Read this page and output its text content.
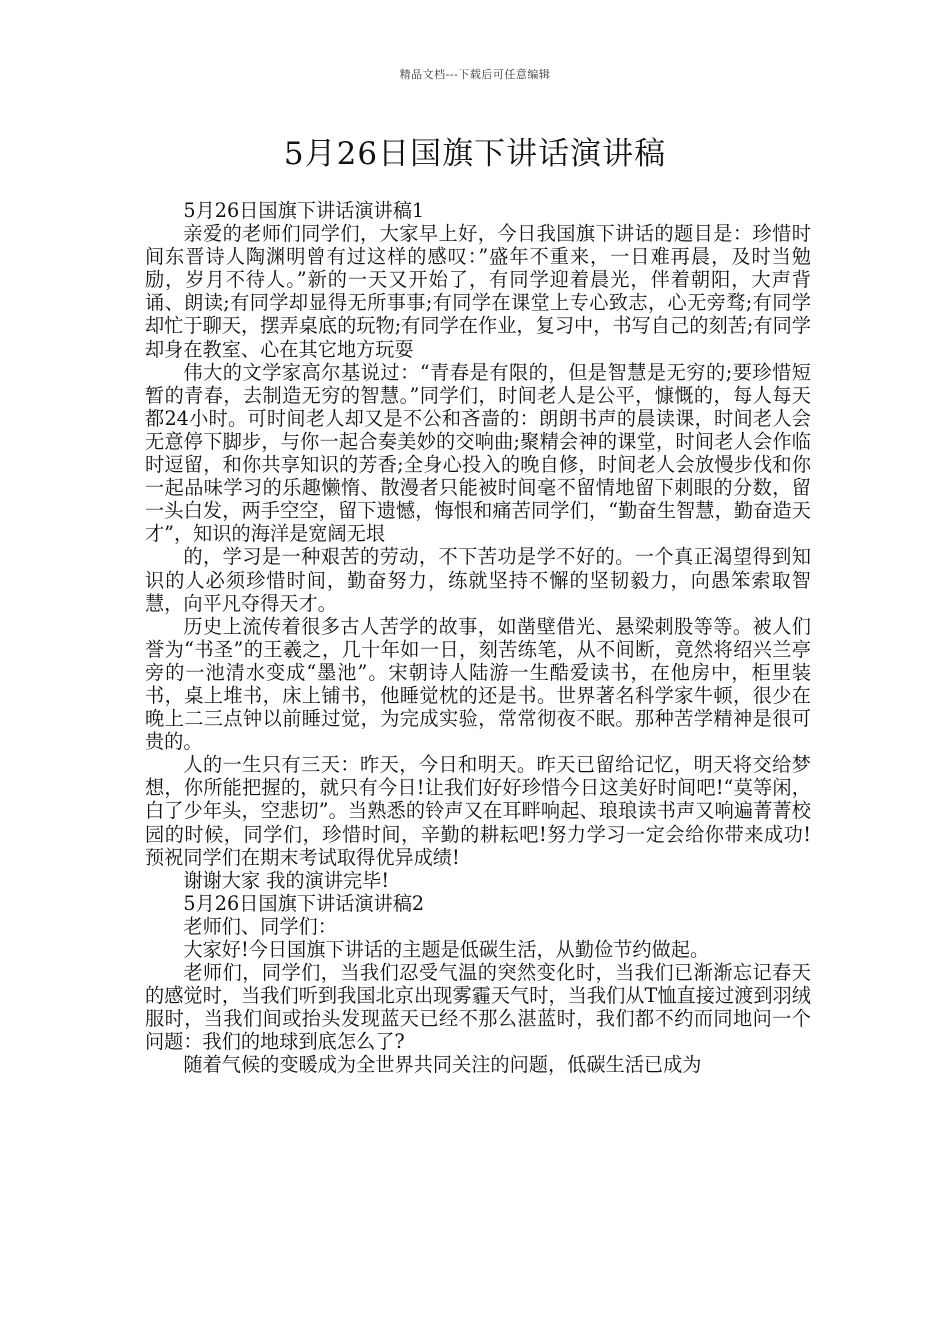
精品文档---下载后可任意编辑
5月26日国旗下讲话演讲稿

5月26日国旗下讲话演讲稿1

亲爱的老师们同学们，大家早上好，今日我国旗下讲话的题目是：珍惜时间东晋诗人陶渊明曾有过这样的感叹：”盛年不重来，一日难再晨，及时当勉励，岁月不待人。”新的一天又开始了，有同学迎着晨光，伴着朝阳，大声背诵、朗读;有同学却显得无所事事;有同学在课堂上专心致志，心无旁骛;有同学却忙于聊天，摆弄桌底的玩物;有同学在作业，复习中，书写自己的刻苦;有同学却身在教室、心在其它地方玩耍

伟大的文学家高尔基说过：“青春是有限的，但是智慧是无穷的;要珍惜短暂的青春，去制造无穷的智慧。”同学们，时间老人是公平，慷慨的，每人每天都24小时。可时间老人却又是不公和吝啬的：朗朗书声的晨读课，时间老人会无意停下脚步，与你一起合奏美妙的交响曲;聚精会神的课堂，时间老人会作临时逗留，和你共享知识的芳香;全身心投入的晚自修，时间老人会放慢步伐和你一起品味学习的乐趣懒惰、散漫者只能被时间毫不留情地留下刺眼的分数，留一头白发，两手空空，留下遗憾，悔恨和痛苦同学们，“勤奋生智慧，勤奋造天才”，知识的海洋是宽阔无垠

的，学习是一种艰苦的劳动，不下苦功是学不好的。一个真正渴望得到知识的人必须珍惜时间，勤奋努力，练就坚持不懈的坚韧毅力，向愚笨索取智慧，向平凡夺得天才。

历史上流传着很多古人苦学的故事，如凿壁借光、悬梁刺股等等。被人们誉为“书圣”的王羲之，几十年如一日，刻苦练笔，从不间断，竟然将绍兴兰亭旁的一池清水变成“墨池”。宋朝诗人陆游一生酷爱读书，在他房中，柜里装书，桌上堆书，床上铺书，他睡觉枕的还是书。世界著名科学家牛顿，很少在晚上二三点钟以前睡过觉，为完成实验，常常彻夜不眠。那种苦学精神是很可贵的。

人的一生只有三天：昨天，今日和明天。昨天已留给记忆，明天将交给梦想，你所能把握的，就只有今日!让我们好好珍惜今日这美好时间吧!“莫等闲，白了少年头，空悲切”。当熟悉的铃声又在耳畔响起、琅琅读书声又响遍菁菁校园的时候，同学们，珍惜时间，辛勤的耕耘吧!努力学习一定会给你带来成功!预祝同学们在期末考试取得优异成绩!

谢谢大家 我的演讲完毕!

5月26日国旗下讲话演讲稿2

老师们、同学们：

大家好!今日国旗下讲话的主题是低碳生活，从勤俭节约做起。

老师们，同学们，当我们忍受气温的突然变化时，当我们已渐渐忘记春天的感觉时，当我们听到我国北京出现雾霾天气时，当我们从T恤直接过渡到羽绒服时，当我们间或抬头发现蓝天已经不那么湛蓝时，我们都不约而同地问一个问题：我们的地球到底怎么了?

随着气候的变暖成为全世界共同关注的问题，低碳生活已成为
